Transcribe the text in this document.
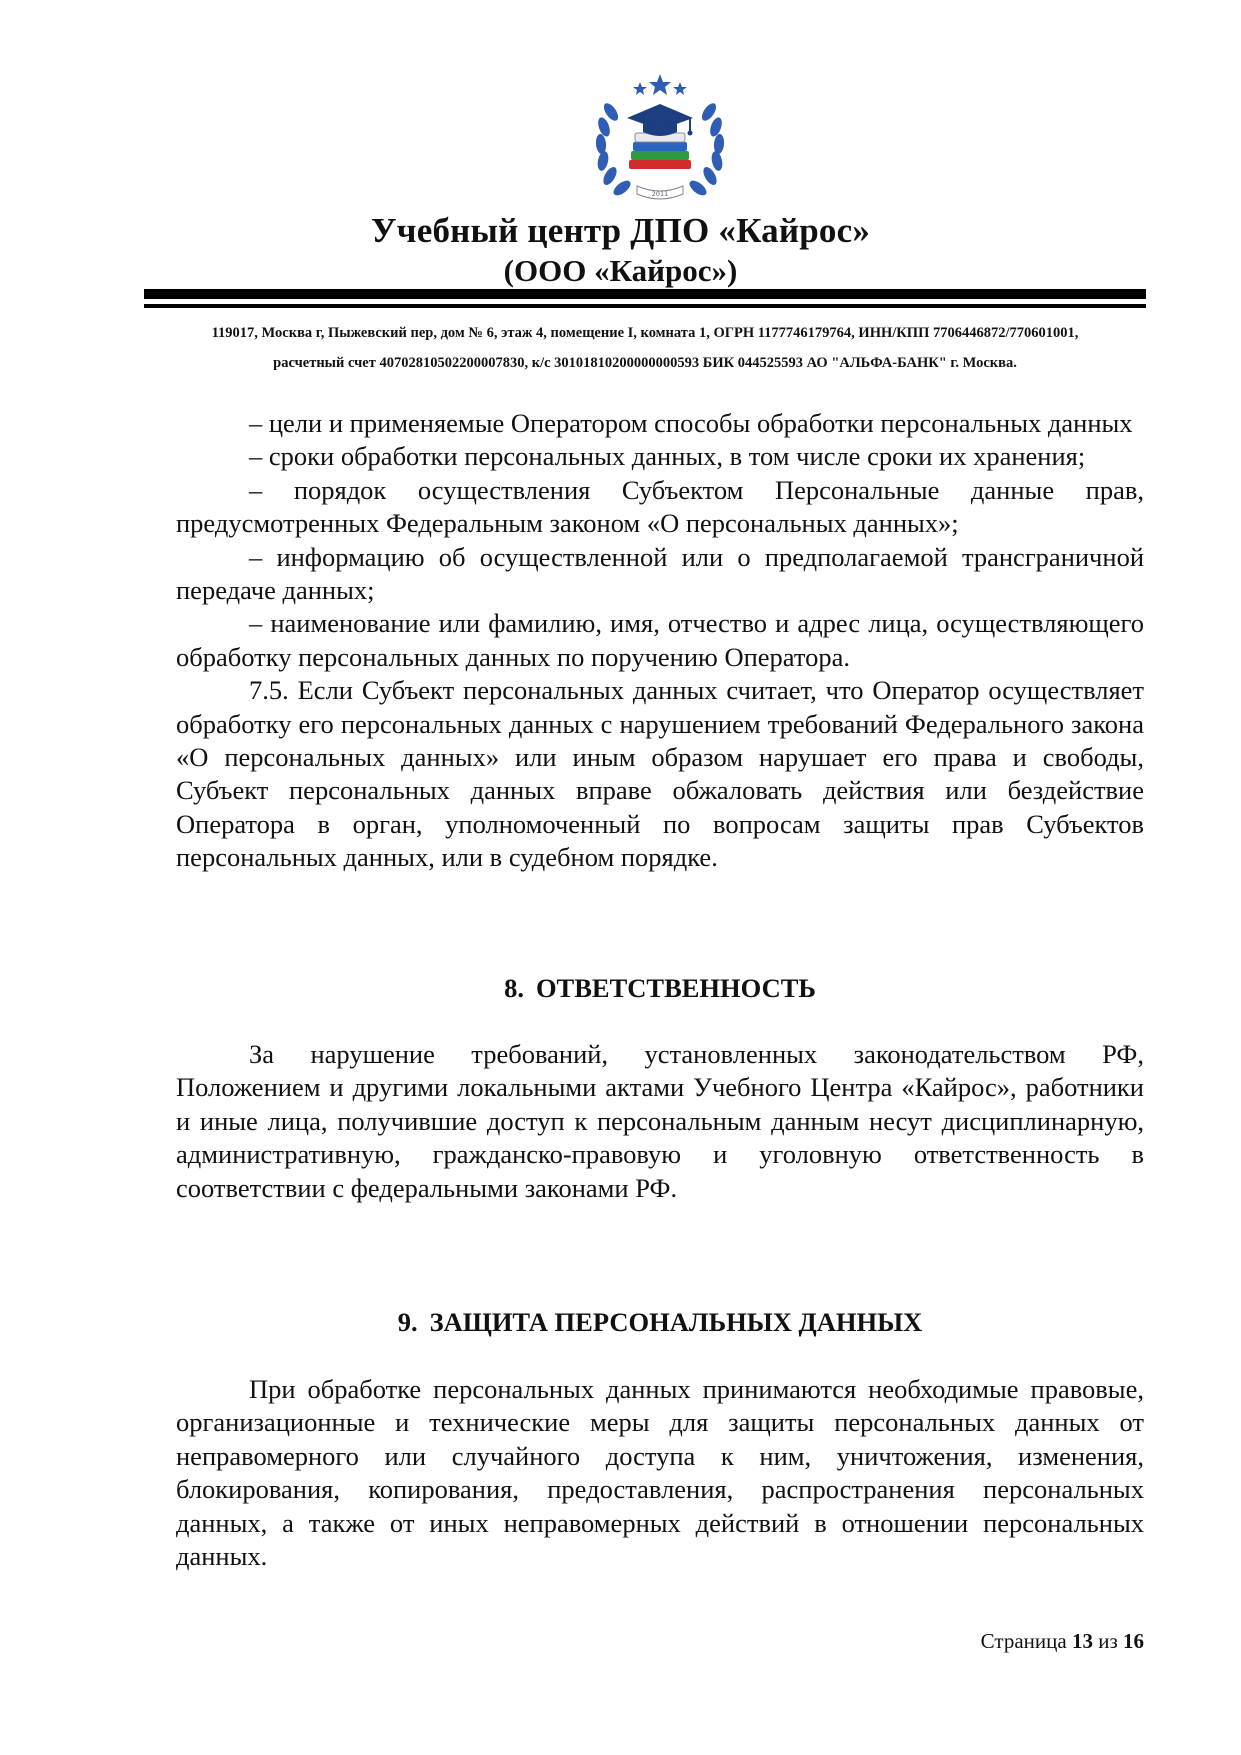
2011
Учебный центр ДПО «Кайрос»
(ООО «Кайрос»)
119017, Москва г, Пыжевский пер, дом № 6, этаж 4, помещение I, комната 1, ОГРН 1177746179764, ИНН/КПП 7706446872/770601001,
расчетный счет 40702810502200007830, к/с 30101810200000000593 БИК 044525593 АО "АЛЬФА-БАНК" г. Москва.

– цели и применяемые Оператором способы обработки персональных данных

– сроки обработки персональных данных, в том числе сроки их хранения;

– порядок осуществления Субъектом Персональные данные прав, предусмотренных Федеральным законом «О персональных данных»;

– информацию об осуществленной или о предполагаемой трансграничной передаче данных;

– наименование или фамилию, имя, отчество и адрес лица, осуществляющего обработку персональных данных по поручению Оператора.

7.5. Если Субъект персональных данных считает, что Оператор осуществляет обработку его персональных данных с нарушением требований Федерального закона «О персональных данных» или иным образом нарушает его права и свободы, Субъект персональных данных вправе обжаловать действия или бездействие Оператора в орган, уполномоченный по вопросам защиты прав Субъектов персональных данных, или в судебном порядке.

8. ОТВЕТСТВЕННОСТЬ

За нарушение требований, установленных законодательством РФ, Положением и другими локальными актами Учебного Центра «Кайрос», работники и иные лица, получившие доступ к персональным данным несут дисциплинарную, административную, гражданско-правовую и уголовную ответственность в соответствии с федеральными законами РФ.

9. ЗАЩИТА ПЕРСОНАЛЬНЫХ ДАННЫХ

При обработке персональных данных принимаются необходимые правовые, организационные и технические меры для защиты персональных данных от неправомерного или случайного доступа к ним, уничтожения, изменения, блокирования, копирования, предоставления, распространения персональных данных, а также от иных неправомерных действий в отношении персональных данных.

Страница 13 из 16
